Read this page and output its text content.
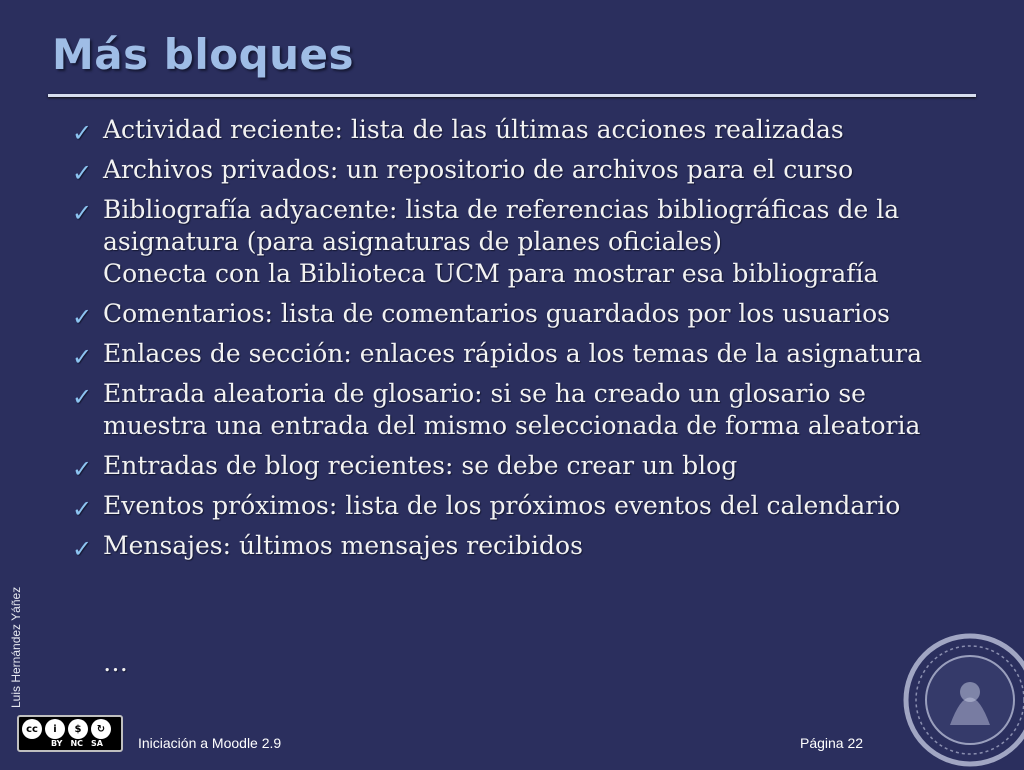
Más bloques
✓ Actividad reciente: lista de las últimas acciones realizadas
✓ Archivos privados: un repositorio de archivos para el curso
✓ Bibliografía adyacente: lista de referencias bibliográficas de la
asignatura (para asignaturas de planes oficiales)
Conecta con la Biblioteca UCM para mostrar esa bibliografía
✓ Comentarios: lista de comentarios guardados por los usuarios
✓ Enlaces de sección: enlaces rápidos a los temas de la asignatura
✓ Entrada aleatoria de glosario: si se ha creado un glosario se
muestra una entrada del mismo seleccionada de forma aleatoria
✓ Entradas de blog recientes: se debe crear un blog
✓ Eventos próximos: lista de los próximos eventos del calendario
✓ Mensajes: últimos mensajes recibidos
…
Luis Hernández Yáñez
cc	i	$	↻
BY NC SA	Iniciación a Moodle 2.9	Página 22
